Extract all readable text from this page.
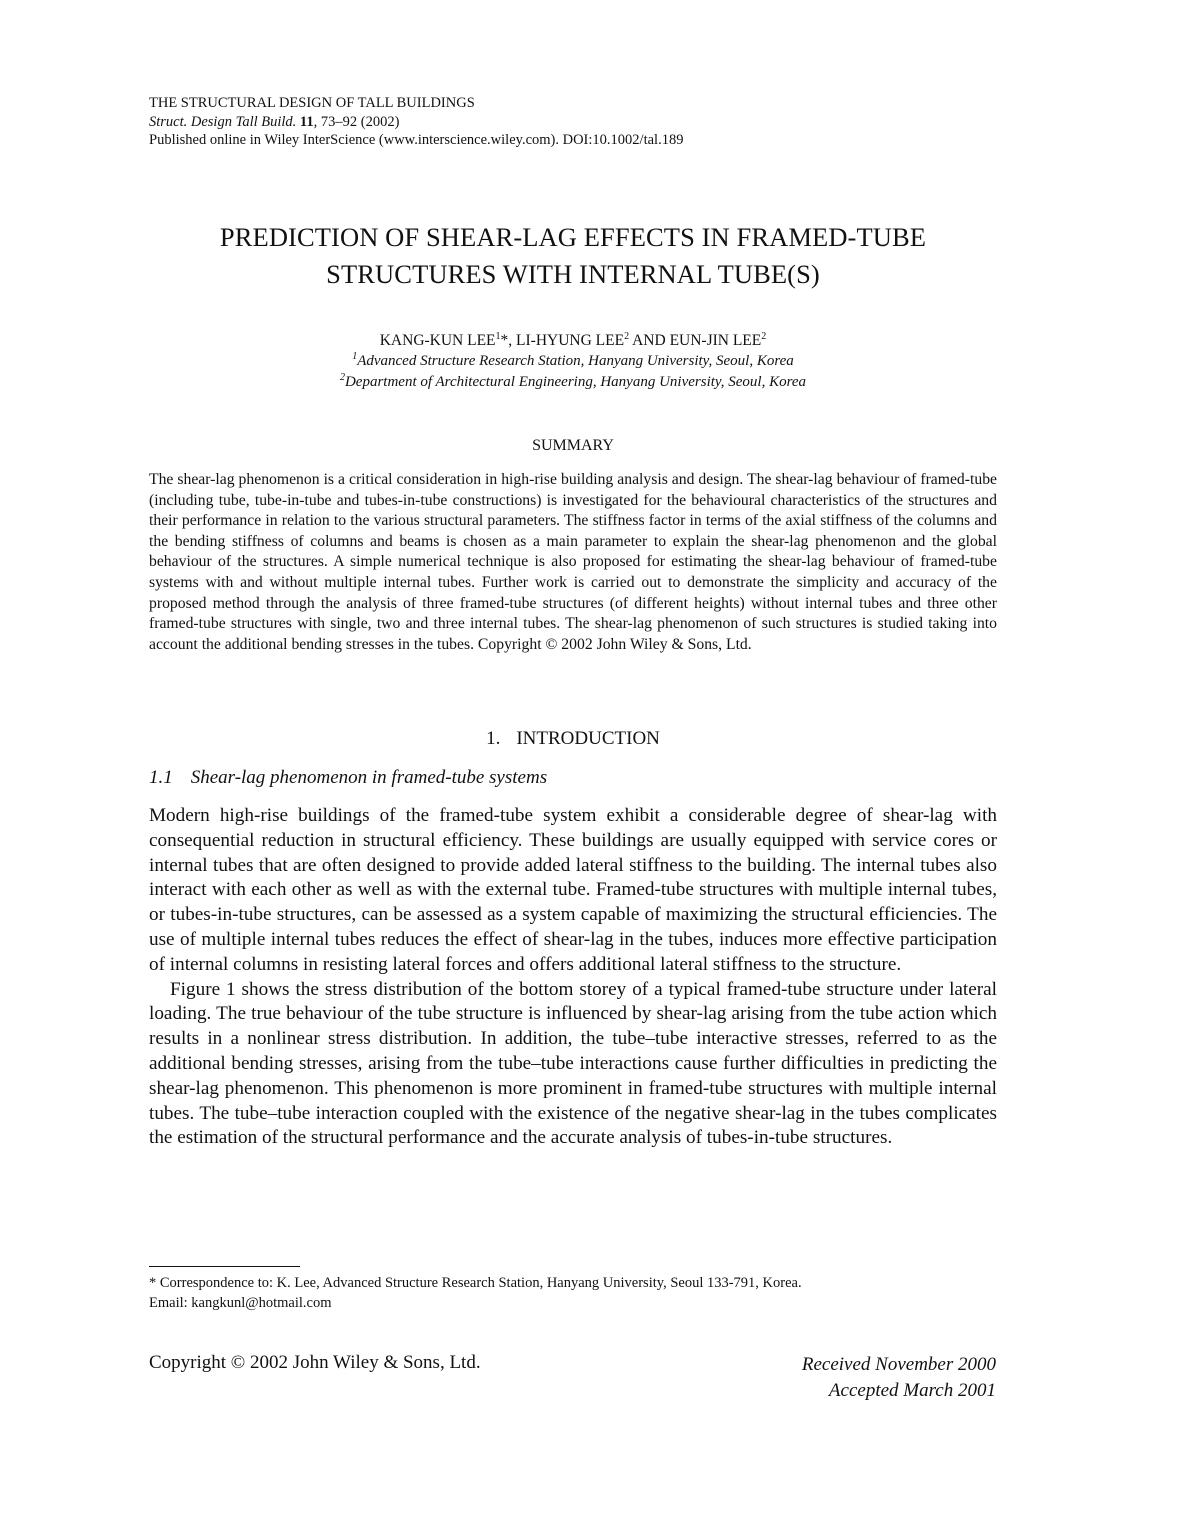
THE STRUCTURAL DESIGN OF TALL BUILDINGS
Struct. Design Tall Build. 11, 73–92 (2002)
Published online in Wiley InterScience (www.interscience.wiley.com). DOI:10.1002/tal.189
PREDICTION OF SHEAR-LAG EFFECTS IN FRAMED-TUBE
STRUCTURES WITH INTERNAL TUBE(S)
KANG-KUN LEE$^1$*, LI-HYUNG LEE$^2$ AND EUN-JIN LEE$^2$
$^1$Advanced Structure Research Station, Hanyang University, Seoul, Korea
$^2$Department of Architectural Engineering, Hanyang University, Seoul, Korea
SUMMARY
The shear-lag phenomenon is a critical consideration in high-rise building analysis and design. The shear-lag behaviour of framed-tube (including tube, tube-in-tube and tubes-in-tube constructions) is investigated for the behavioural characteristics of the structures and their performance in relation to the various structural parameters. The stiffness factor in terms of the axial stiffness of the columns and the bending stiffness of columns and beams is chosen as a main parameter to explain the shear-lag phenomenon and the global behaviour of the structures. A simple numerical technique is also proposed for estimating the shear-lag behaviour of framed-tube systems with and without multiple internal tubes. Further work is carried out to demonstrate the simplicity and accuracy of the proposed method through the analysis of three framed-tube structures (of different heights) without internal tubes and three other framed-tube structures with single, two and three internal tubes. The shear-lag phenomenon of such structures is studied taking into account the additional bending stresses in the tubes. Copyright © 2002 John Wiley & Sons, Ltd.
1. INTRODUCTION
1.1 Shear-lag phenomenon in framed-tube systems

Modern high-rise buildings of the framed-tube system exhibit a considerable degree of shear-lag with consequential reduction in structural efficiency. These buildings are usually equipped with service cores or internal tubes that are often designed to provide added lateral stiffness to the building. The internal tubes also interact with each other as well as with the external tube. Framed-tube structures with multiple internal tubes, or tubes-in-tube structures, can be assessed as a system capable of maximizing the structural efficiencies. The use of multiple internal tubes reduces the effect of shear-lag in the tubes, induces more effective participation of internal columns in resisting lateral forces and offers additional lateral stiffness to the structure.

Figure 1 shows the stress distribution of the bottom storey of a typical framed-tube structure under lateral loading. The true behaviour of the tube structure is influenced by shear-lag arising from the tube action which results in a nonlinear stress distribution. In addition, the tube–tube interactive stresses, referred to as the additional bending stresses, arising from the tube–tube interactions cause further difficulties in predicting the shear-lag phenomenon. This phenomenon is more prominent in framed-tube structures with multiple internal tubes. The tube–tube interaction coupled with the existence of the negative shear-lag in the tubes complicates the estimation of the structural performance and the accurate analysis of tubes-in-tube structures.

* Correspondence to: K. Lee, Advanced Structure Research Station, Hanyang University, Seoul 133-791, Korea.
Email: kangkunl@hotmail.com
Copyright © 2002 John Wiley & Sons, Ltd.	Received November 2000
Accepted March 2001
